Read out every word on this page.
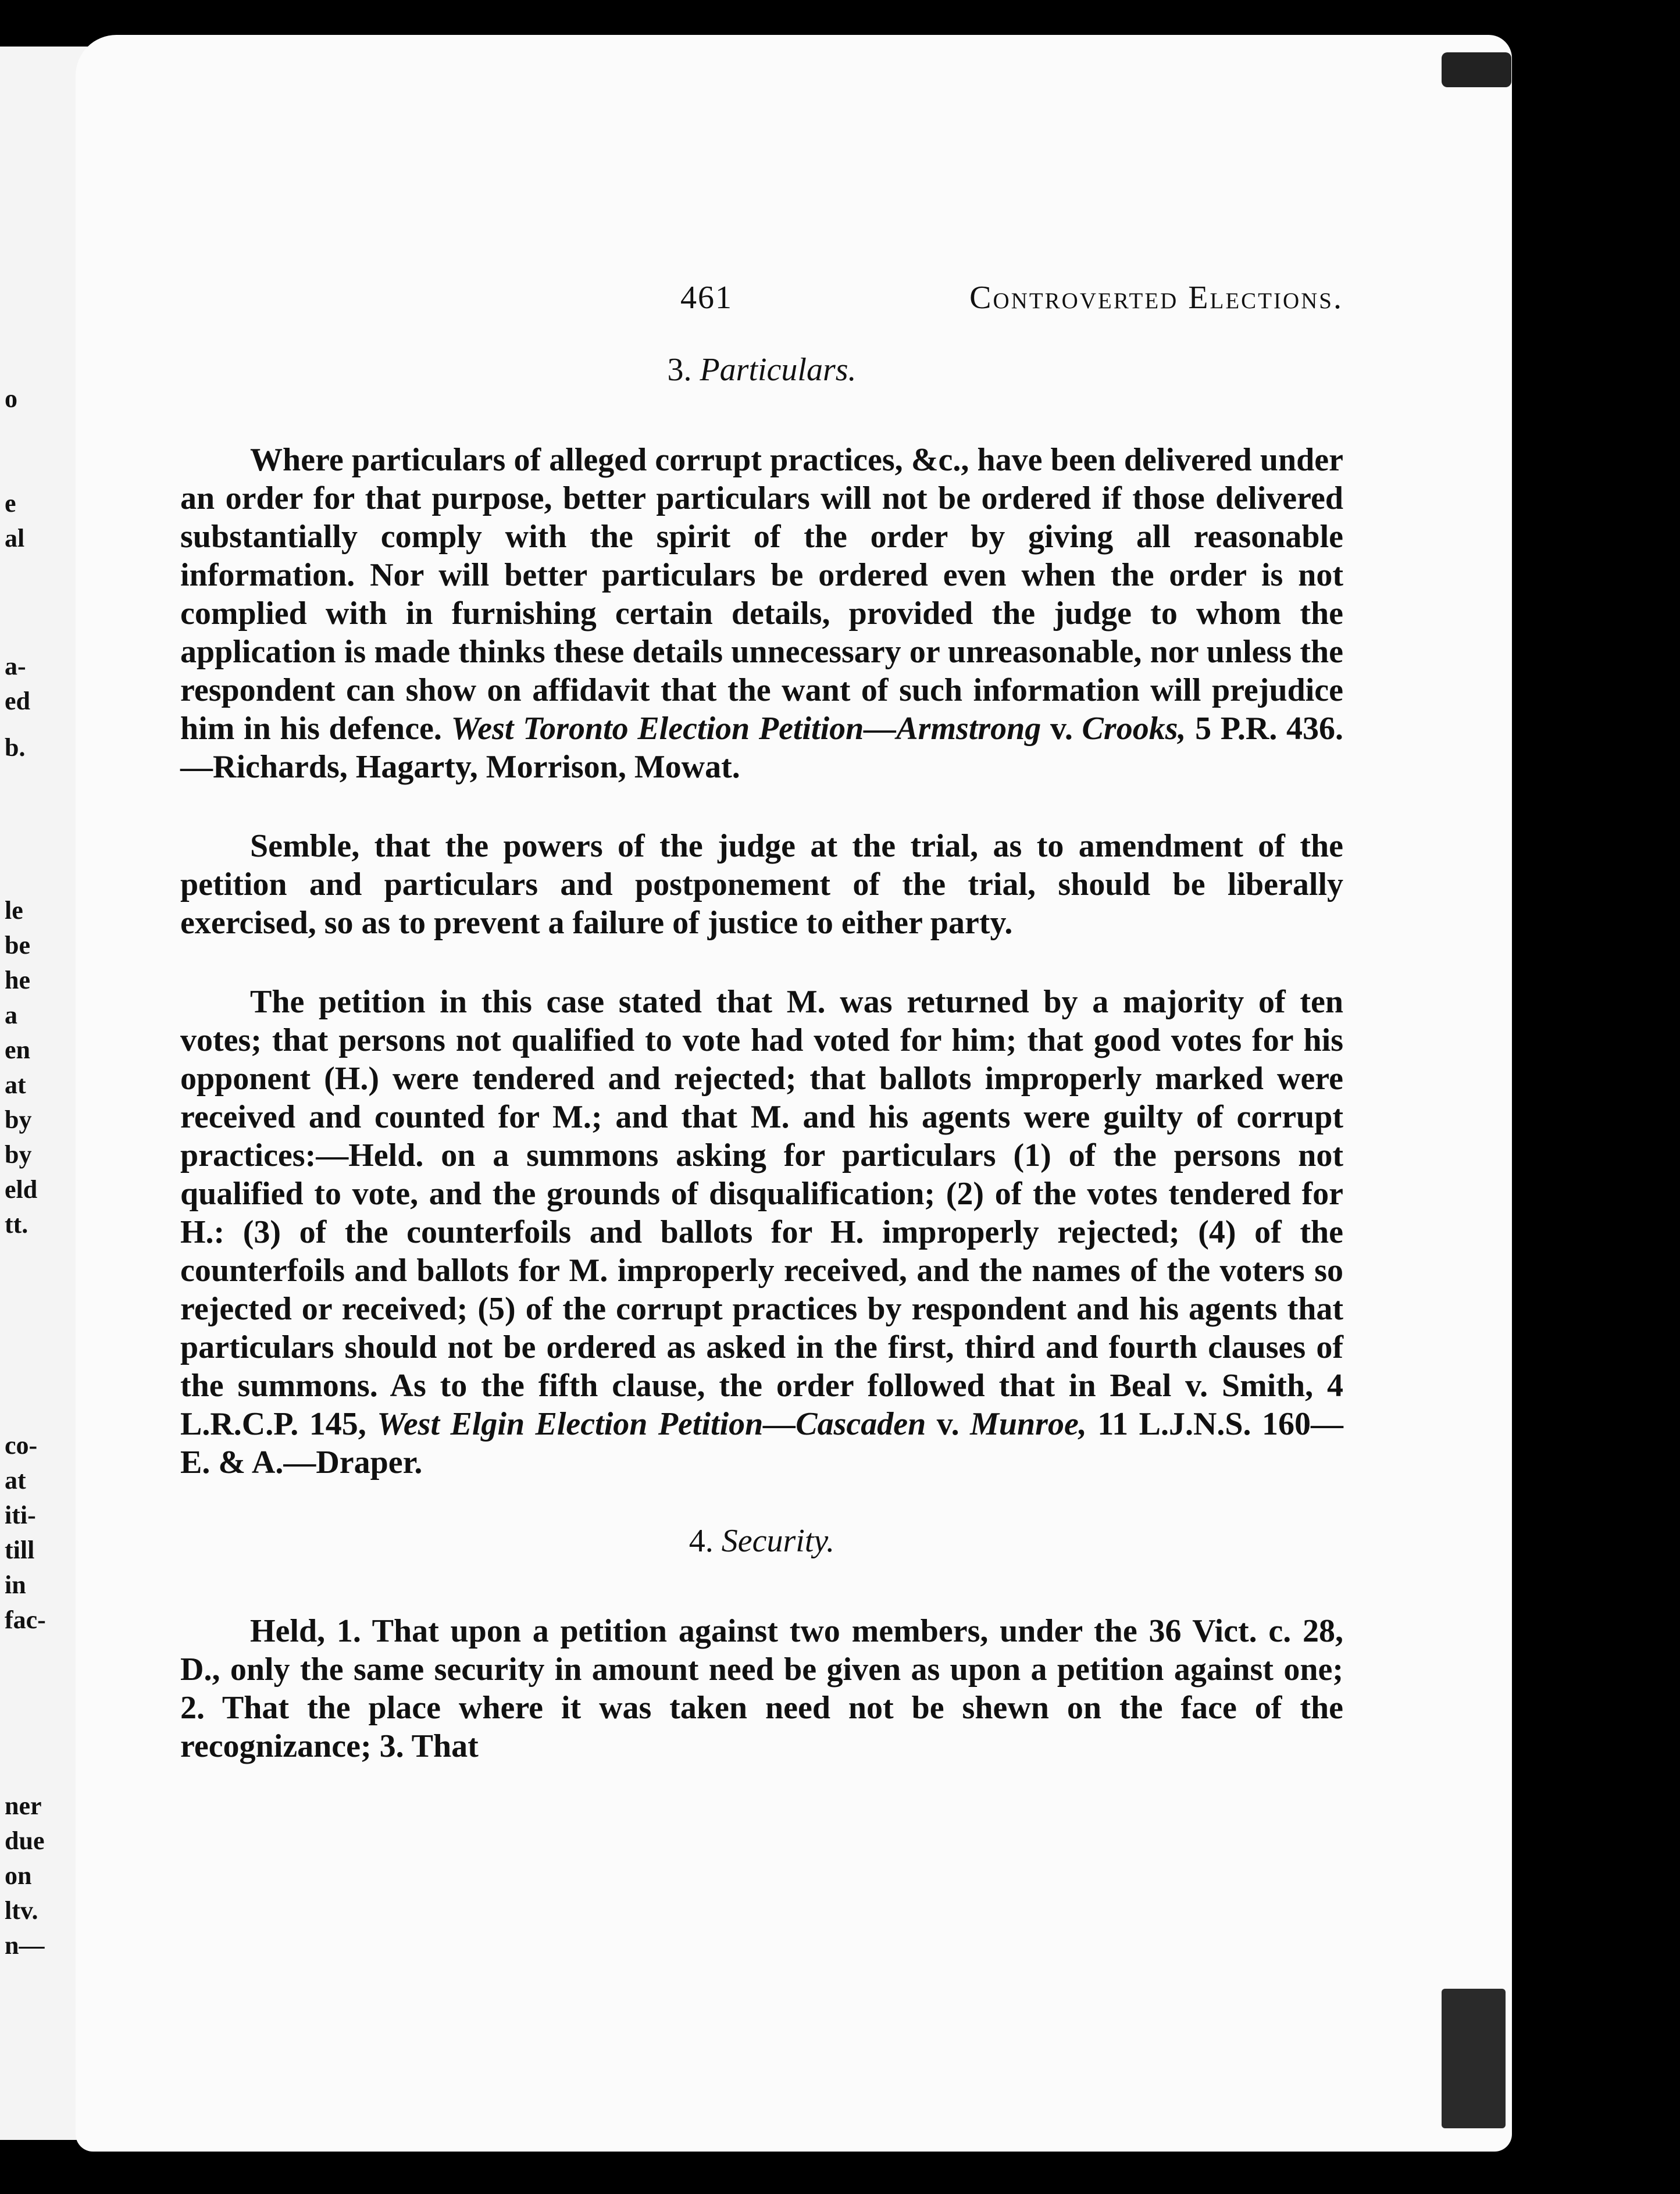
o
e
al
a-
ed
b.
le
be
he
a
en
at
by
by
eld
tt.
co-
at
iti-
till
in
fac-
ner
due
on
ltv.
n—
461	Controverted Elections.
3. Particulars.

Where particulars of alleged corrupt practices, &c., have been delivered under an order for that purpose, better particulars will not be ordered if those delivered substantially comply with the spirit of the order by giving all reasonable information. Nor will better particulars be ordered even when the order is not complied with in furnishing certain details, provided the judge to whom the application is made thinks these details unnecessary or unreasonable, nor unless the respondent can show on affidavit that the want of such information will prejudice him in his defence. West Toronto Election Petition—Armstrong v. Crooks, 5 P.R. 436.—Richards, Hagarty, Morrison, Mowat.

Semble, that the powers of the judge at the trial, as to amendment of the petition and particulars and postponement of the trial, should be liberally exercised, so as to prevent a failure of justice to either party.

The petition in this case stated that M. was returned by a majority of ten votes; that persons not qualified to vote had voted for him; that good votes for his opponent (H.) were tendered and rejected; that ballots improperly marked were received and counted for M.; and that M. and his agents were guilty of corrupt practices:—Held. on a summons asking for particulars (1) of the persons not qualified to vote, and the grounds of disqualification; (2) of the votes tendered for H.: (3) of the counterfoils and ballots for H. improperly rejected; (4) of the counterfoils and ballots for M. improperly received, and the names of the voters so rejected or received; (5) of the corrupt practices by respondent and his agents that particulars should not be ordered as asked in the first, third and fourth clauses of the summons. As to the fifth clause, the order followed that in Beal v. Smith, 4 L.R.C.P. 145, West Elgin Election Petition—Cascaden v. Munroe, 11 L.J.N.S. 160—E. & A.—Draper.

4. Security.

Held, 1. That upon a petition against two members, under the 36 Vict. c. 28, D., only the same security in amount need be given as upon a petition against one; 2. That the place where it was taken need not be shewn on the face of the recognizance; 3. That
